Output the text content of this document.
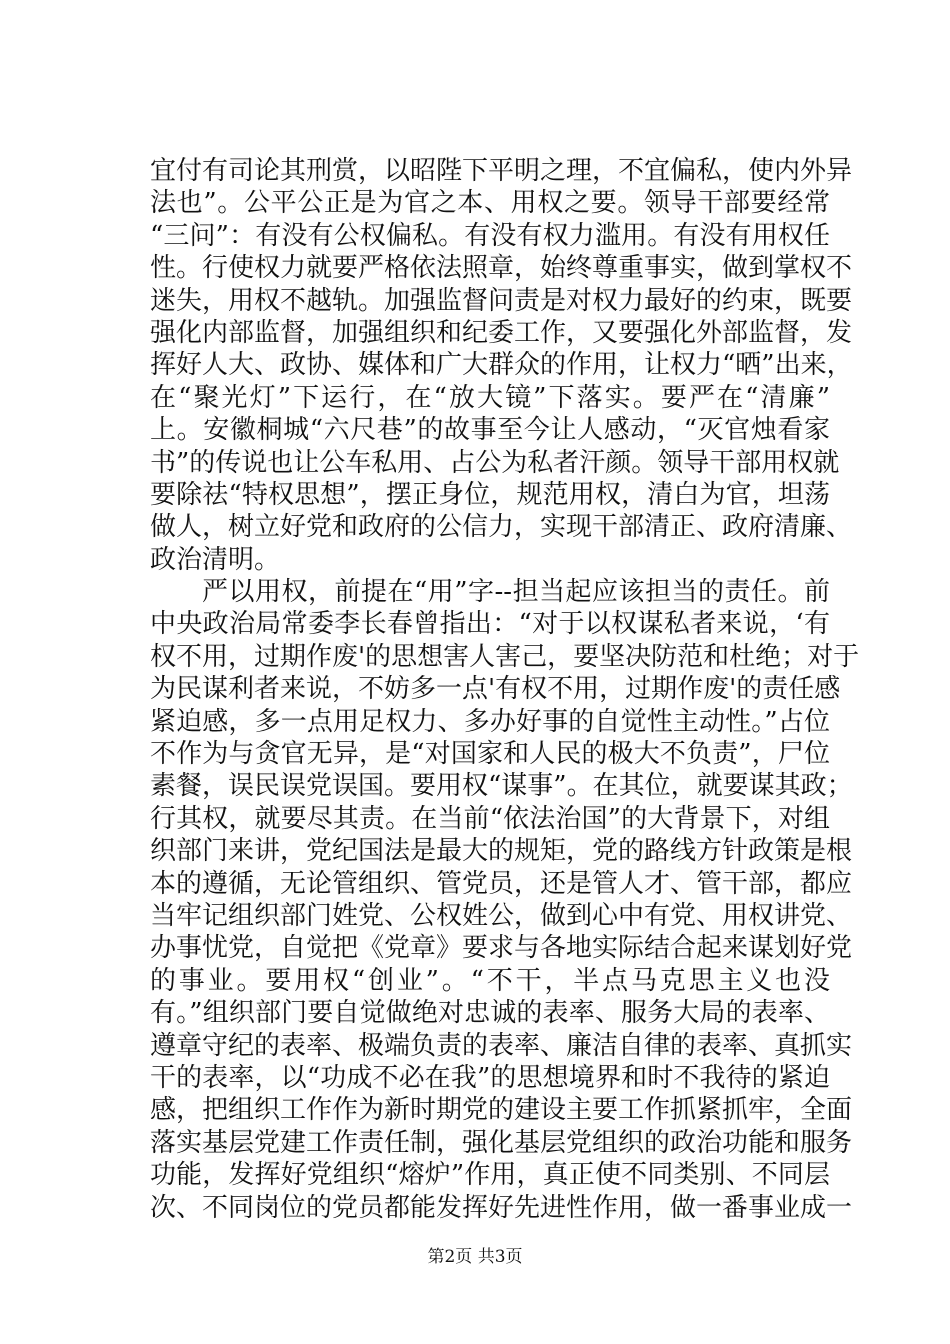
宜付有司论其刑赏，以昭陛下平明之理，不宜偏私，使内外异
法也”。公平公正是为官之本、用权之要。领导干部要经常
“三问”：有没有公权偏私。有没有权力滥用。有没有用权任
性。行使权力就要严格依法照章，始终尊重事实，做到掌权不
迷失，用权不越轨。加强监督问责是对权力最好的约束，既要
强化内部监督，加强组织和纪委工作，又要强化外部监督，发
挥好人大、政协、媒体和广大群众的作用，让权力“晒”出来，
在“聚光灯”下运行，在“放大镜”下落实。要严在“清廉”
上。安徽桐城“六尺巷”的故事至今让人感动，“灭官烛看家
书”的传说也让公车私用、占公为私者汗颜。领导干部用权就
要除祛“特权思想”，摆正身位，规范用权，清白为官，坦荡
做人，树立好党和政府的公信力，实现干部清正、政府清廉、
政治清明。
严以用权，前提在“用”字--担当起应该担当的责任。前
中央政治局常委李长春曾指出：“对于以权谋私者来说，‘有
权不用，过期作废'的思想害人害己，要坚决防范和杜绝；对于
为民谋利者来说，不妨多一点'有权不用，过期作废'的责任感
紧迫感，多一点用足权力、多办好事的自觉性主动性。”占位
不作为与贪官无异，是“对国家和人民的极大不负责”，尸位
素餐，误民误党误国。要用权“谋事”。在其位，就要谋其政；
行其权，就要尽其责。在当前“依法治国”的大背景下，对组
织部门来讲，党纪国法是最大的规矩，党的路线方针政策是根
本的遵循，无论管组织、管党员，还是管人才、管干部，都应
当牢记组织部门姓党、公权姓公，做到心中有党、用权讲党、
办事忧党，自觉把《党章》要求与各地实际结合起来谋划好党
的事业。要用权“创业”。“不干，半点马克思主义也没
有。”组织部门要自觉做绝对忠诚的表率、服务大局的表率、
遵章守纪的表率、极端负责的表率、廉洁自律的表率、真抓实
干的表率，以“功成不必在我”的思想境界和时不我待的紧迫
感，把组织工作作为新时期党的建设主要工作抓紧抓牢，全面
落实基层党建工作责任制，强化基层党组织的政治功能和服务
功能，发挥好党组织“熔炉”作用，真正使不同类别、不同层
次、不同岗位的党员都能发挥好先进性作用，做一番事业成一
第2页 共3页
